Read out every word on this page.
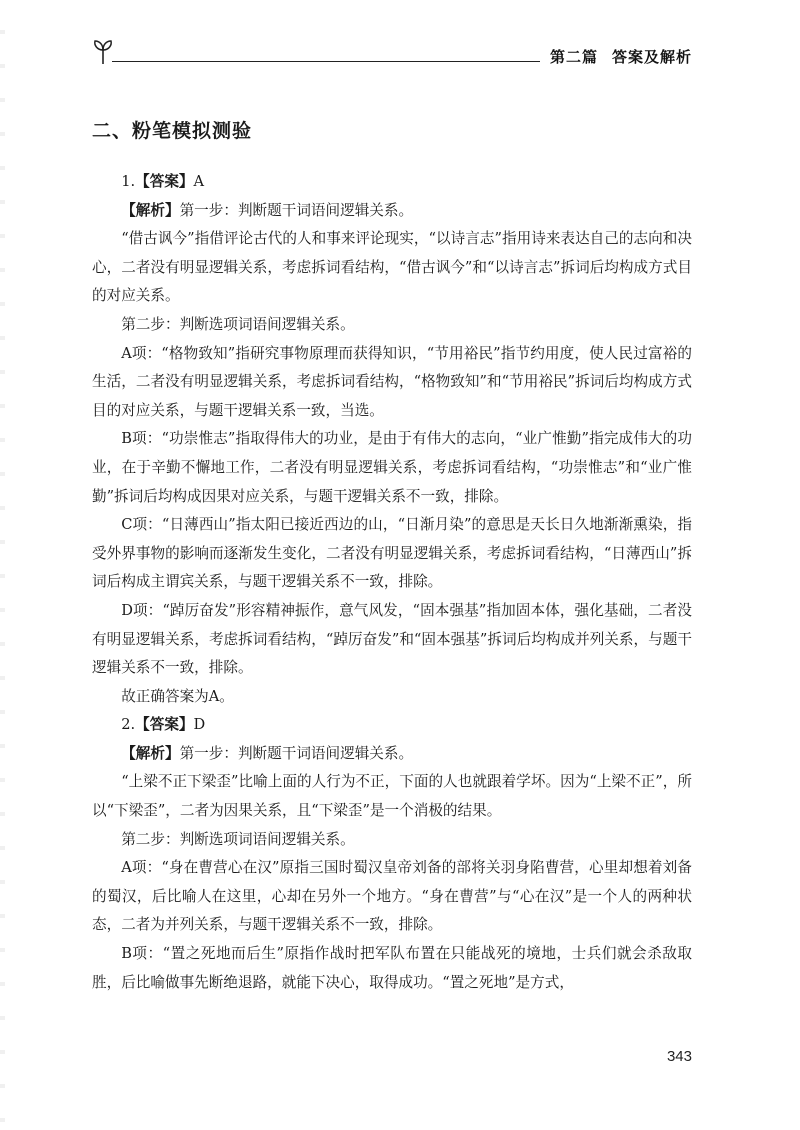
第二篇 答案及解析
二、粉笔模拟测验

1.【答案】A

【解析】第一步：判断题干词语间逻辑关系。

“借古讽今”指借评论古代的人和事来评论现实，“以诗言志”指用诗来表达自己的志向和决心，二者没有明显逻辑关系，考虑拆词看结构，“借古讽今”和“以诗言志”拆词后均构成方式目的对应关系。

第二步：判断选项词语间逻辑关系。

A项：“格物致知”指研究事物原理而获得知识，“节用裕民”指节约用度，使人民过富裕的生活，二者没有明显逻辑关系，考虑拆词看结构，“格物致知”和“节用裕民”拆词后均构成方式目的对应关系，与题干逻辑关系一致，当选。

B项：“功崇惟志”指取得伟大的功业，是由于有伟大的志向，“业广惟勤”指完成伟大的功业，在于辛勤不懈地工作，二者没有明显逻辑关系，考虑拆词看结构，“功崇惟志”和“业广惟勤”拆词后均构成因果对应关系，与题干逻辑关系不一致，排除。

C项：“日薄西山”指太阳已接近西边的山，“日渐月染”的意思是天长日久地渐渐熏染，指受外界事物的影响而逐渐发生变化，二者没有明显逻辑关系，考虑拆词看结构，“日薄西山”拆词后构成主谓宾关系，与题干逻辑关系不一致，排除。

D项：“踔厉奋发”形容精神振作，意气风发，“固本强基”指加固本体，强化基础，二者没有明显逻辑关系，考虑拆词看结构，“踔厉奋发”和“固本强基”拆词后均构成并列关系，与题干逻辑关系不一致，排除。

故正确答案为A。

2.【答案】D

【解析】第一步：判断题干词语间逻辑关系。

“上梁不正下梁歪”比喻上面的人行为不正，下面的人也就跟着学坏。因为“上梁不正”，所以“下梁歪”，二者为因果关系，且“下梁歪”是一个消极的结果。

第二步：判断选项词语间逻辑关系。

A项：“身在曹营心在汉”原指三国时蜀汉皇帝刘备的部将关羽身陷曹营，心里却想着刘备的蜀汉，后比喻人在这里，心却在另外一个地方。“身在曹营”与“心在汉”是一个人的两种状态，二者为并列关系，与题干逻辑关系不一致，排除。

B项：“置之死地而后生”原指作战时把军队布置在只能战死的境地，士兵们就会杀敌取胜，后比喻做事先断绝退路，就能下决心，取得成功。“置之死地”是方式，

343
